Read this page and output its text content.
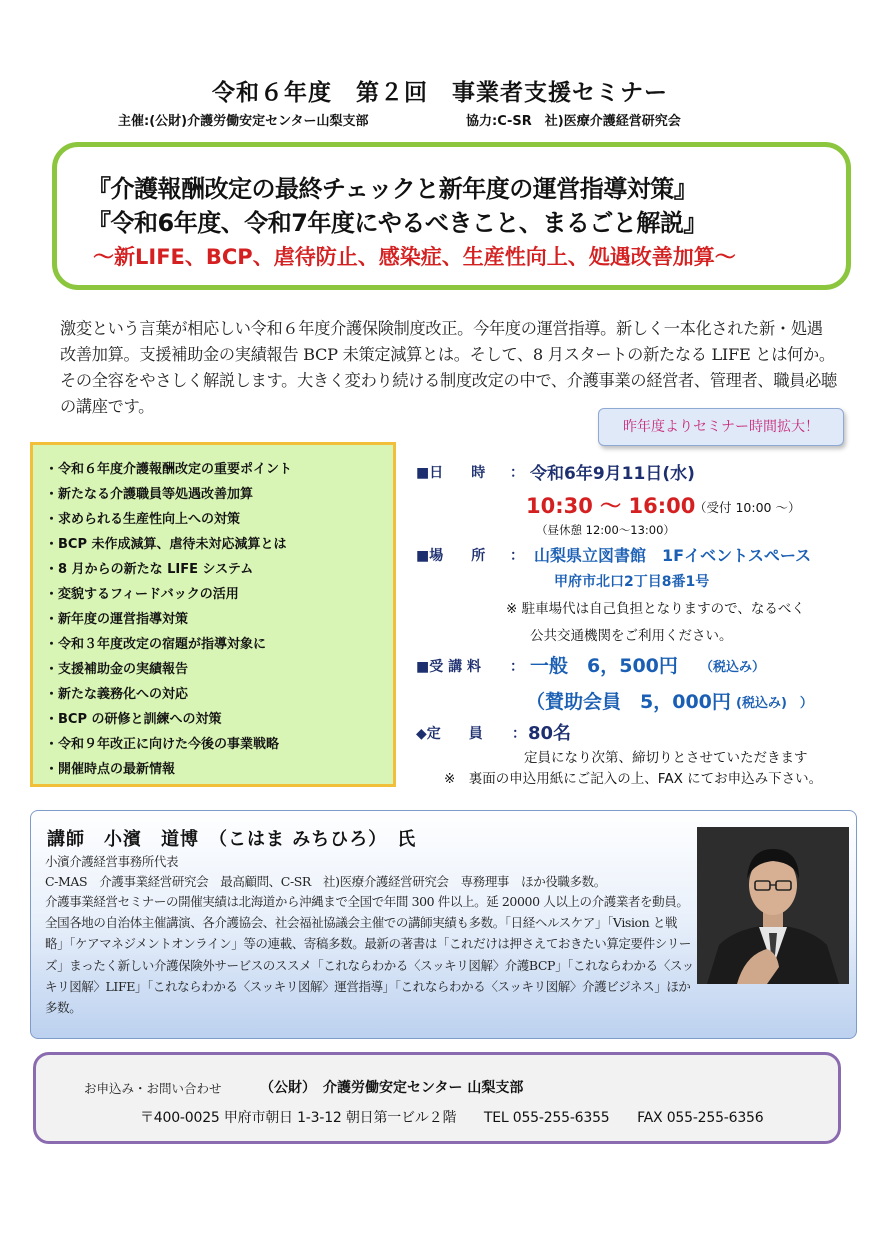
令和６年度　第２回　事業者支援セミナー
主催:(公財)介護労働安定センター山梨支部	協力:C-SR　社)医療介護経営研究会
『介護報酬改定の最終チェックと新年度の運営指導対策』
『令和6年度、令和7年度にやるべきこと、まるごと解説』
～新LIFE、BCP、虐待防止、感染症、生産性向上、処遇改善加算～
激変という言葉が相応しい令和６年度介護保険制度改正。今年度の運営指導。新しく一本化された新・処遇改善加算。支援補助金の実績報告 BCP 未策定減算とは。そして、8 月スタートの新たなる LIFE とは何か。その全容をやさしく解説します。大きく変わり続ける制度改定の中で、介護事業の経営者、管理者、職員必聴の講座です。
昨年度よりセミナー時間拡大！
・令和６年度介護報酬改定の重要ポイント
・新たなる介護職員等処遇改善加算
・求められる生産性向上への対策
・BCP 未作成減算、虐待未対応減算とは
・8 月からの新たな LIFE システム
・変貌するフィードバックの活用
・新年度の運営指導対策
・令和３年度改定の宿題が指導対象に
・支援補助金の実績報告
・新たな義務化への対応
・BCP の研修と訓練への対策
・令和９年改正に向けた今後の事業戦略
・開催時点の最新情報
■日　　時 ： 令和6年9月11日(水)
10:30 ～ 16:00
（受付 10:00 ～）
（昼休憩 12:00～13:00）
■場　　所 ： 山梨県立図書館　1Fイベントスペース
甲府市北口2丁目8番1号
※ 駐車場代は自己負担となりますので、なるべく
公共交通機関をご利用ください。
■受 講 料 ： 一般　6，500円 （税込み）
（賛助会員　5，000円 (税込み)　）
◆定　　員 ： 80名
定員になり次第、締切りとさせていただきます
※　裏面の申込用紙にご記入の上、FAX にてお申込み下さい。
講師　小濱　道博　（こはま みちひろ）　氏
小濱介護経営事務所代表
C-MAS　介護事業経営研究会　最高顧問、C-SR　社)医療介護経営研究会　専務理事　ほか役職多数。
介護事業経営セミナーの開催実績は北海道から沖縄まで全国で年間 300 件以上。延 20000 人以上の介護業者を動員。全国各地の自治体主催講演、各介護協会、社会福祉協議会主催での講師実績も多数。「日経ヘルスケア」「Vision と戦略」「ケアマネジメントオンライン」等の連載、寄稿多数。最新の著書は「これだけは押さえておきたい算定要件シリーズ」まったく新しい介護保険外サービスのススメ「これならわかる〈スッキリ図解〉介護BCP」「これならわかる〈スッキリ図解〉LIFE」「これならわかる〈スッキリ図解〉運営指導」「これならわかる〈スッキリ図解〉介護ビジネス」ほか多数。
お申込み・お問い合わせ	（公財）　介護労働安定センター 山梨支部
〒400-0025 甲府市朝日 1-3-12 朝日第一ビル２階　　TEL 055-255-6355　　FAX 055-255-6356
